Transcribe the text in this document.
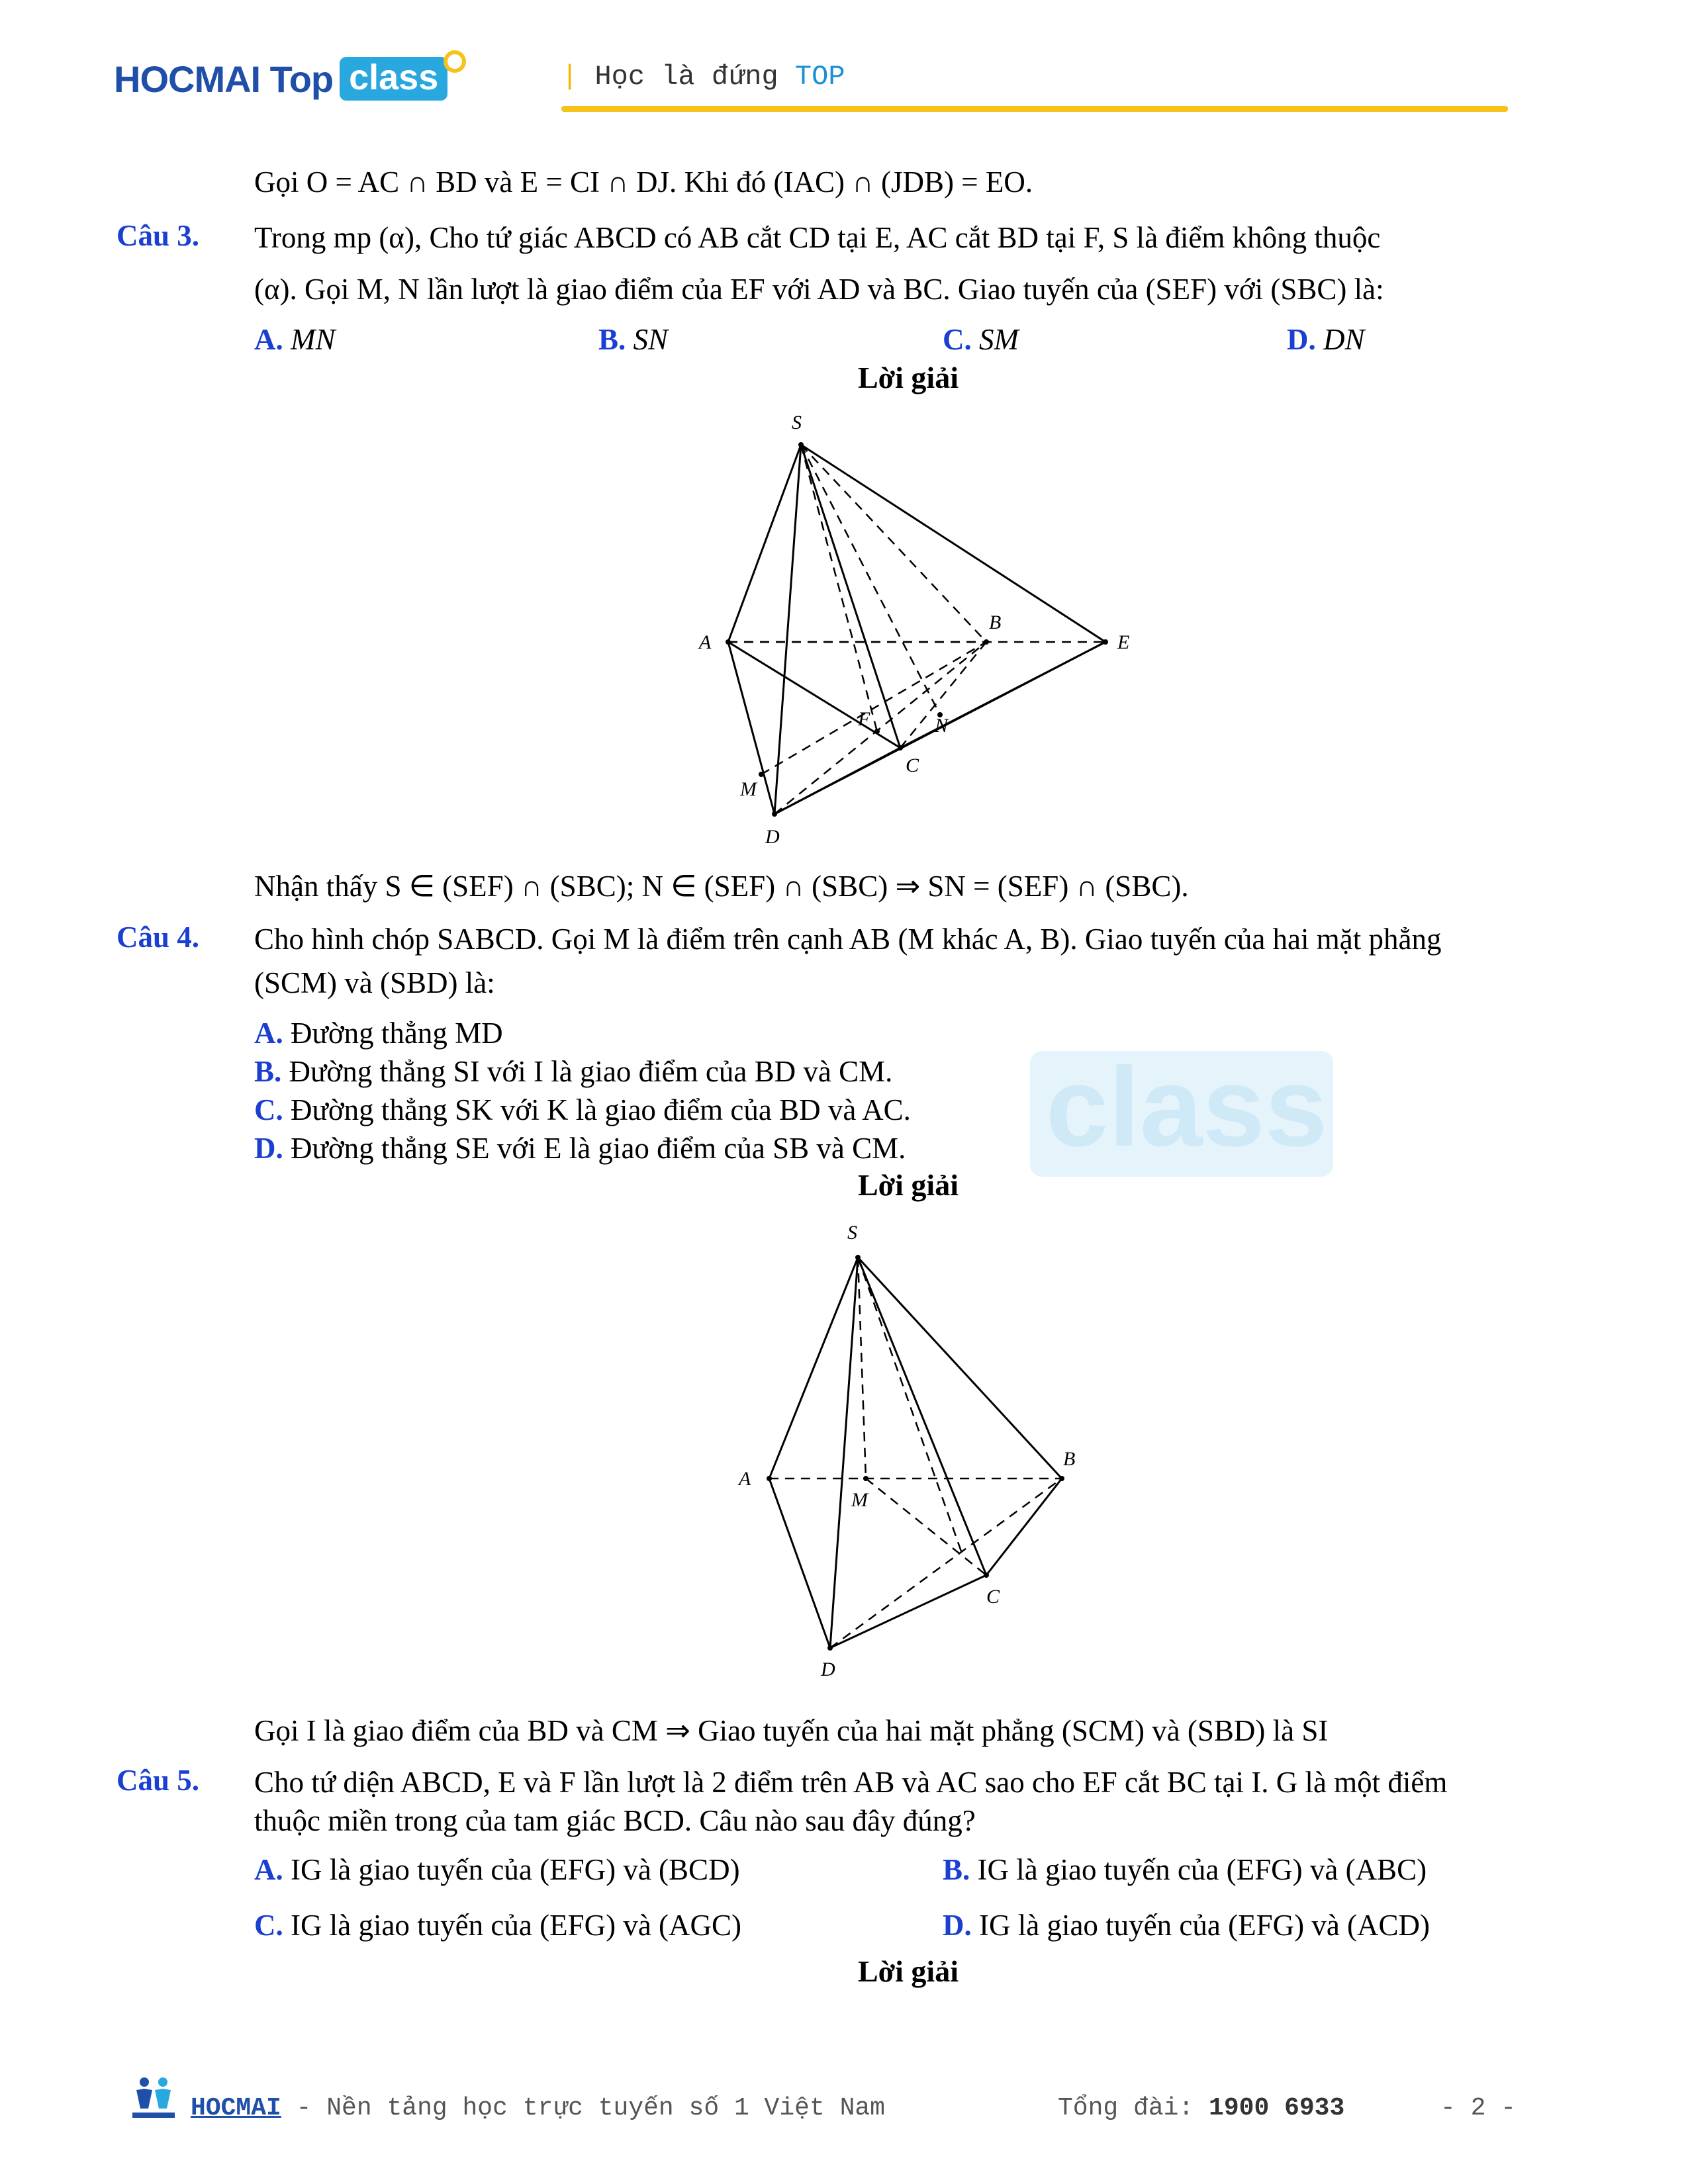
HOCMAI Top class	| Học là đứng TOP
class
Gọi O = AC ∩ BD và E = CI ∩ DJ. Khi đó (IAC) ∩ (JDB) = EO.
Câu 3. Trong mp (α), Cho tứ giác ABCD có AB cắt CD tại E, AC cắt BD tại F, S là điểm không thuộc
(α). Gọi M, N lần lượt là giao điểm của EF với AD và BC. Giao tuyến của (SEF) với (SBC) là:
A. MN	B. SN	C. SM	D. DN
Lời giải
S
A
B
E
F	N
C
M
D
Nhận thấy S ∈ (SEF) ∩ (SBC); N ∈ (SEF) ∩ (SBC) ⇒ SN = (SEF) ∩ (SBC).
Câu 4. Cho hình chóp SABCD. Gọi M là điểm trên cạnh AB (M khác A, B). Giao tuyến của hai mặt phẳng
(SCM) và (SBD) là:
A. Đường thẳng MD
B. Đường thẳng SI với I là giao điểm của BD và CM.
C. Đường thẳng SK với K là giao điểm của BD và AC.
D. Đường thẳng SE với E là giao điểm của SB và CM.
Lời giải
S
A
M
B
C
D
Gọi I là giao điểm của BD và CM ⇒ Giao tuyến của hai mặt phẳng (SCM) và (SBD) là SI
Câu 5. Cho tứ diện ABCD, E và F lần lượt là 2 điểm trên AB và AC sao cho EF cắt BC tại I. G là một điểm
thuộc miền trong của tam giác BCD. Câu nào sau đây đúng?
A. IG là giao tuyến của (EFG) và (BCD)	B. IG là giao tuyến của (EFG) và (ABC)
C. IG là giao tuyến của (EFG) và (AGC)	D. IG là giao tuyến của (EFG) và (ACD)
Lời giải
HOCMAI - Nền tảng học trực tuyến số 1 Việt Nam	Tổng đài: 1900 6933	- 2 -
